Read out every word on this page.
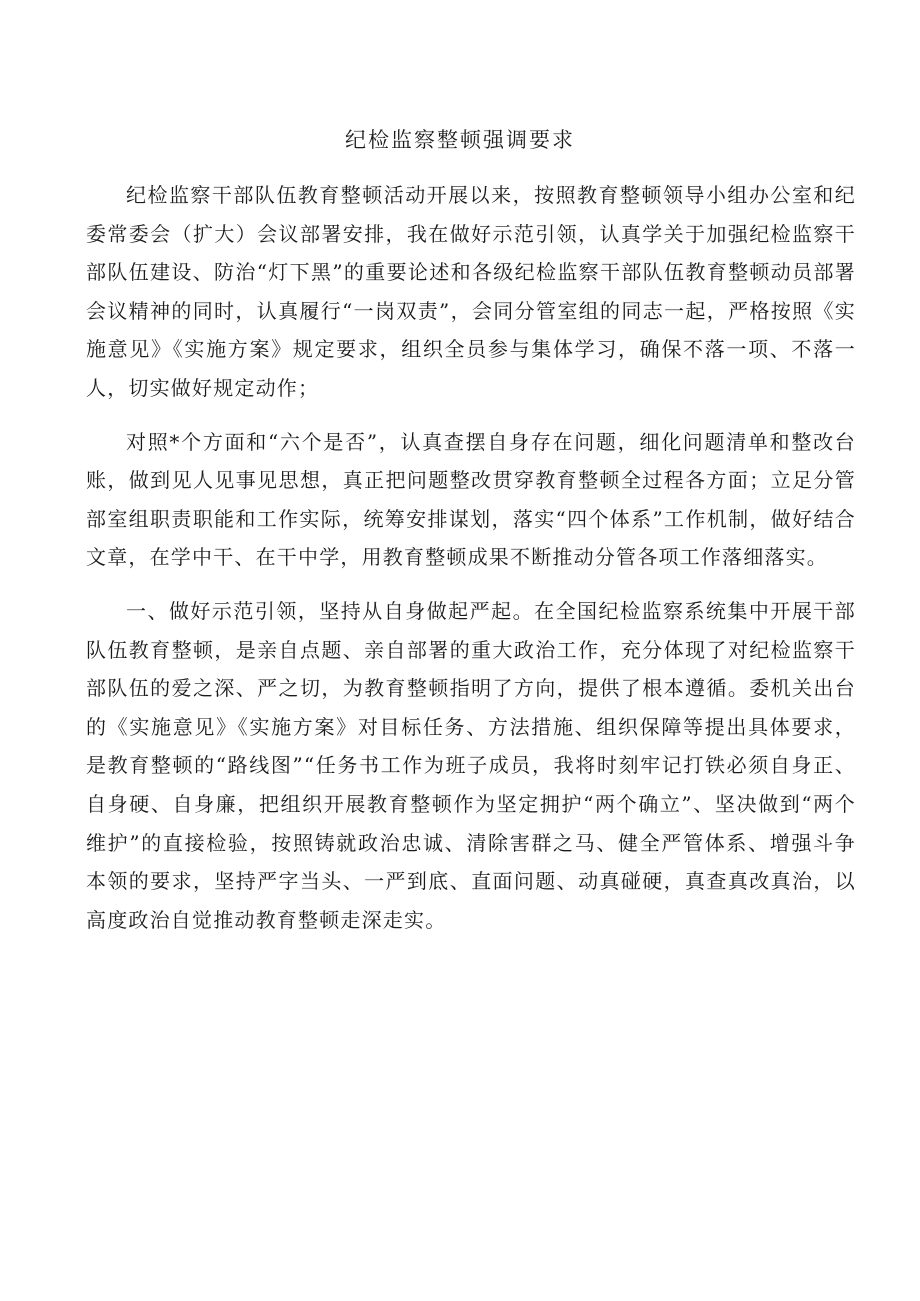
纪检监察整顿强调要求

纪检监察干部队伍教育整顿活动开展以来，按照教育整顿领导小组办公室和纪委常委会（扩大）会议部署安排，我在做好示范引领，认真学关于加强纪检监察干部队伍建设、防治“灯下黑”的重要论述和各级纪检监察干部队伍教育整顿动员部署会议精神的同时，认真履行“一岗双责”，会同分管室组的同志一起，严格按照《实施意见》《实施方案》规定要求，组织全员参与集体学习，确保不落一项、不落一人，切实做好规定动作；

对照*个方面和“六个是否”，认真查摆自身存在问题，细化问题清单和整改台账，做到见人见事见思想，真正把问题整改贯穿教育整顿全过程各方面；立足分管部室组职责职能和工作实际，统筹安排谋划，落实“四个体系”工作机制，做好结合文章，在学中干、在干中学，用教育整顿成果不断推动分管各项工作落细落实。

一、做好示范引领，坚持从自身做起严起。在全国纪检监察系统集中开展干部队伍教育整顿，是亲自点题、亲自部署的重大政治工作，充分体现了对纪检监察干部队伍的爱之深、严之切，为教育整顿指明了方向，提供了根本遵循。委机关出台的《实施意见》《实施方案》对目标任务、方法措施、组织保障等提出具体要求，是教育整顿的“路线图”“任务书工作为班子成员，我将时刻牢记打铁必须自身正、自身硬、自身廉，把组织开展教育整顿作为坚定拥护“两个确立”、坚决做到“两个维护”的直接检验，按照铸就政治忠诚、清除害群之马、健全严管体系、增强斗争本领的要求，坚持严字当头、一严到底、直面问题、动真碰硬，真查真改真治，以高度政治自觉推动教育整顿走深走实。
